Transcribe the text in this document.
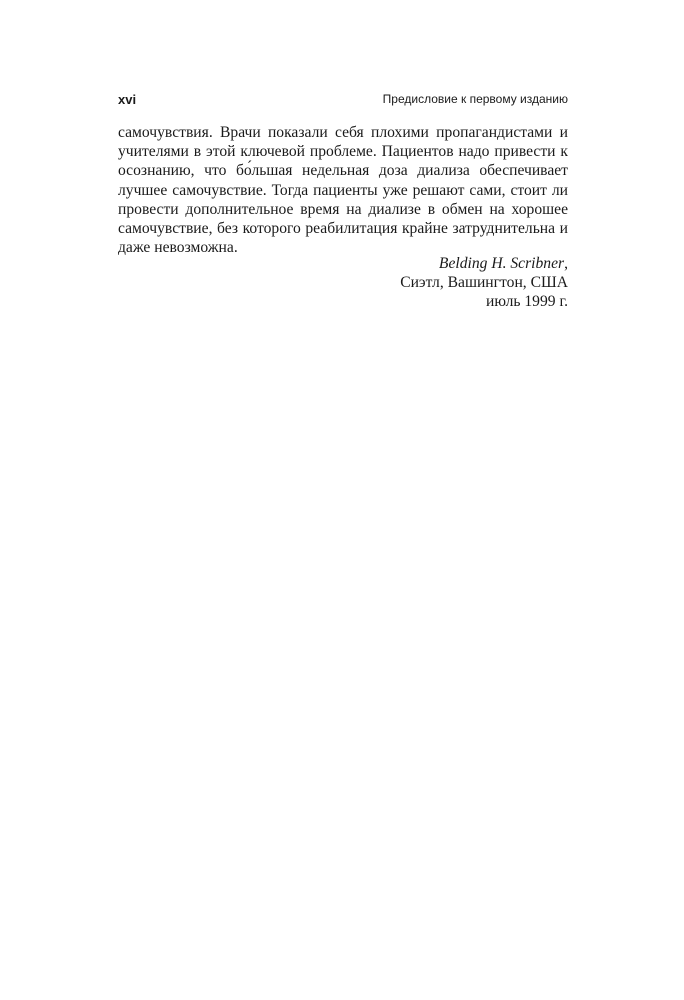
xvi	Предисловие к первому изданию

самочувствия. Врачи показали себя плохими пропагандистами и учителями в этой ключевой проблеме. Пациентов надо привести к осознанию, что бо́льшая недельная доза диализа обеспечивает лучшее самочувствие. Тогда пациенты уже решают сами, стоит ли провести дополнительное время на диализе в обмен на хорошее самочувствие, без которого реабилитация крайне затруднительна и даже невозможна.

Belding H. Scribner,
Сиэтл, Вашингтон, США
июль 1999 г.
